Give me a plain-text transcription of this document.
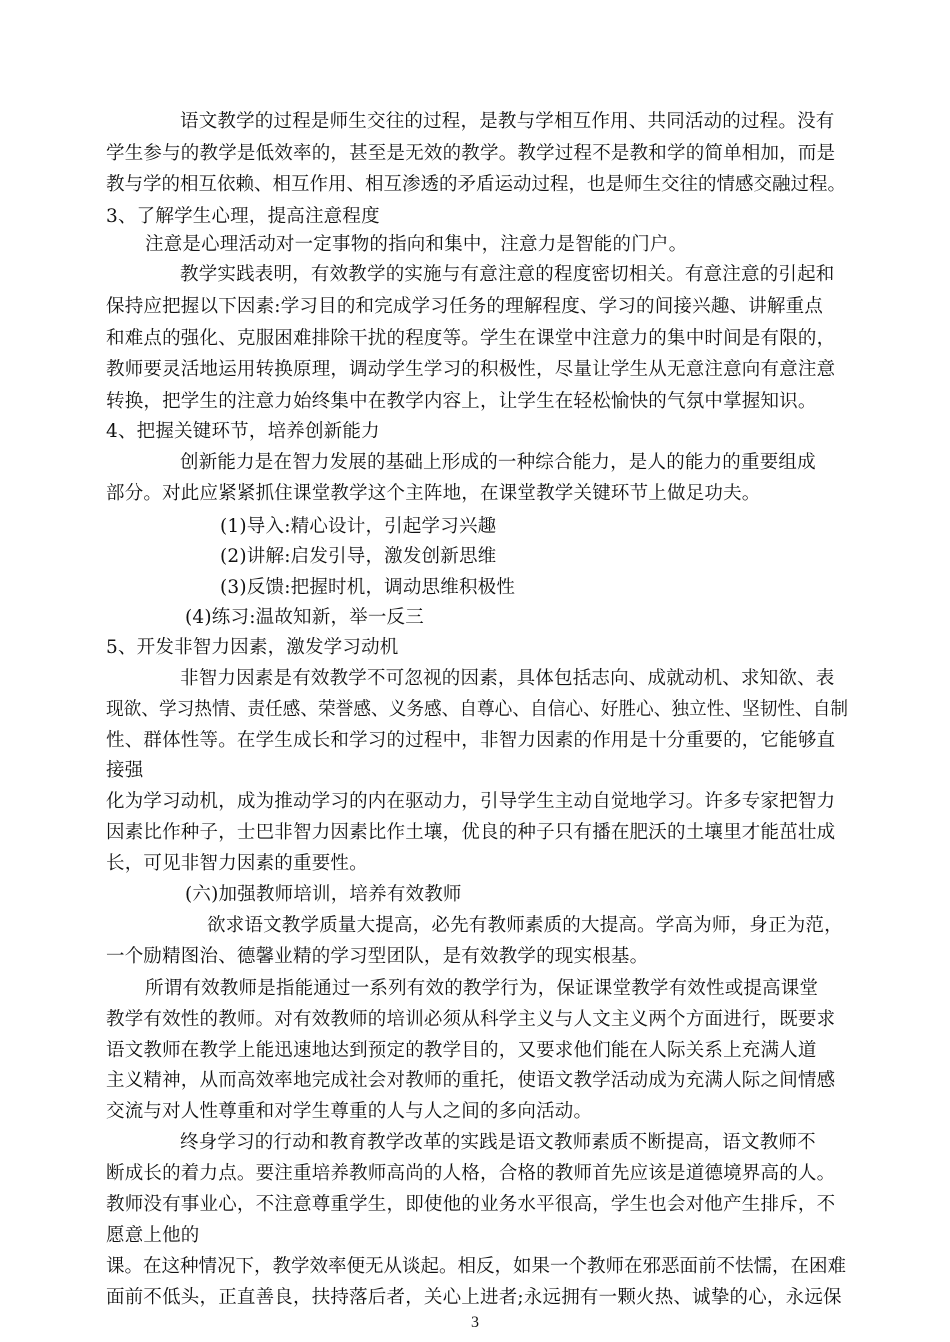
语文教学的过程是师生交往的过程，是教与学相互作用、共同活动的过程。没有
学生参与的教学是低效率的，甚至是无效的教学。教学过程不是教和学的简单相加，而是
教与学的相互依赖、相互作用、相互渗透的矛盾运动过程，也是师生交往的情感交融过程。
3、了解学生心理，提高注意程度
注意是心理活动对一定事物的指向和集中，注意力是智能的门户。
教学实践表明，有效教学的实施与有意注意的程度密切相关。有意注意的引起和
保持应把握以下因素:学习目的和完成学习任务的理解程度、学习的间接兴趣、讲解重点
和难点的强化、克服困难排除干扰的程度等。学生在课堂中注意力的集中时间是有限的，
教师要灵活地运用转换原理，调动学生学习的积极性，尽量让学生从无意注意向有意注意
转换，把学生的注意力始终集中在教学内容上，让学生在轻松愉快的气氛中掌握知识。
4、把握关键环节，培养创新能力
创新能力是在智力发展的基础上形成的一种综合能力，是人的能力的重要组成
部分。对此应紧紧抓住课堂教学这个主阵地，在课堂教学关键环节上做足功夫。
(1)导入:精心设计，引起学习兴趣
(2)讲解:启发引导，激发创新思维
(3)反馈:把握时机，调动思维积极性
(4)练习:温故知新，举一反三
5、开发非智力因素，激发学习动机
非智力因素是有效教学不可忽视的因素，具体包括志向、成就动机、求知欲、表
现欲、学习热情、责任感、荣誉感、义务感、自尊心、自信心、好胜心、独立性、坚韧性、自制
性、群体性等。在学生成长和学习的过程中，非智力因素的作用是十分重要的，它能够直
接强
化为学习动机，成为推动学习的内在驱动力，引导学生主动自觉地学习。许多专家把智力
因素比作种子，士巴非智力因素比作土壤，优良的种子只有播在肥沃的土壤里才能茁壮成
长，可见非智力因素的重要性。
(六)加强教师培训，培养有效教师
欲求语文教学质量大提高，必先有教师素质的大提高。学高为师，身正为范，
一个励精图治、德馨业精的学习型团队，是有效教学的现实根基。
所谓有效教师是指能通过一系列有效的教学行为，保证课堂教学有效性或提高课堂
教学有效性的教师。对有效教师的培训必须从科学主义与人文主义两个方面进行，既要求
语文教师在教学上能迅速地达到预定的教学目的，又要求他们能在人际关系上充满人道
主义精神，从而高效率地完成社会对教师的重托，使语文教学活动成为充满人际之间情感
交流与对人性尊重和对学生尊重的人与人之间的多向活动。
终身学习的行动和教育教学改革的实践是语文教师素质不断提高，语文教师不
断成长的着力点。要注重培养教师高尚的人格，合格的教师首先应该是道德境界高的人。
教师没有事业心，不注意尊重学生，即使他的业务水平很高，学生也会对他产生排斥，不
愿意上他的
课。在这种情况下，教学效率便无从谈起。相反，如果一个教师在邪恶面前不怯懦，在困难
面前不低头，正直善良，扶持落后者，关心上进者;永远拥有一颗火热、诚挚的心，永远保
3
